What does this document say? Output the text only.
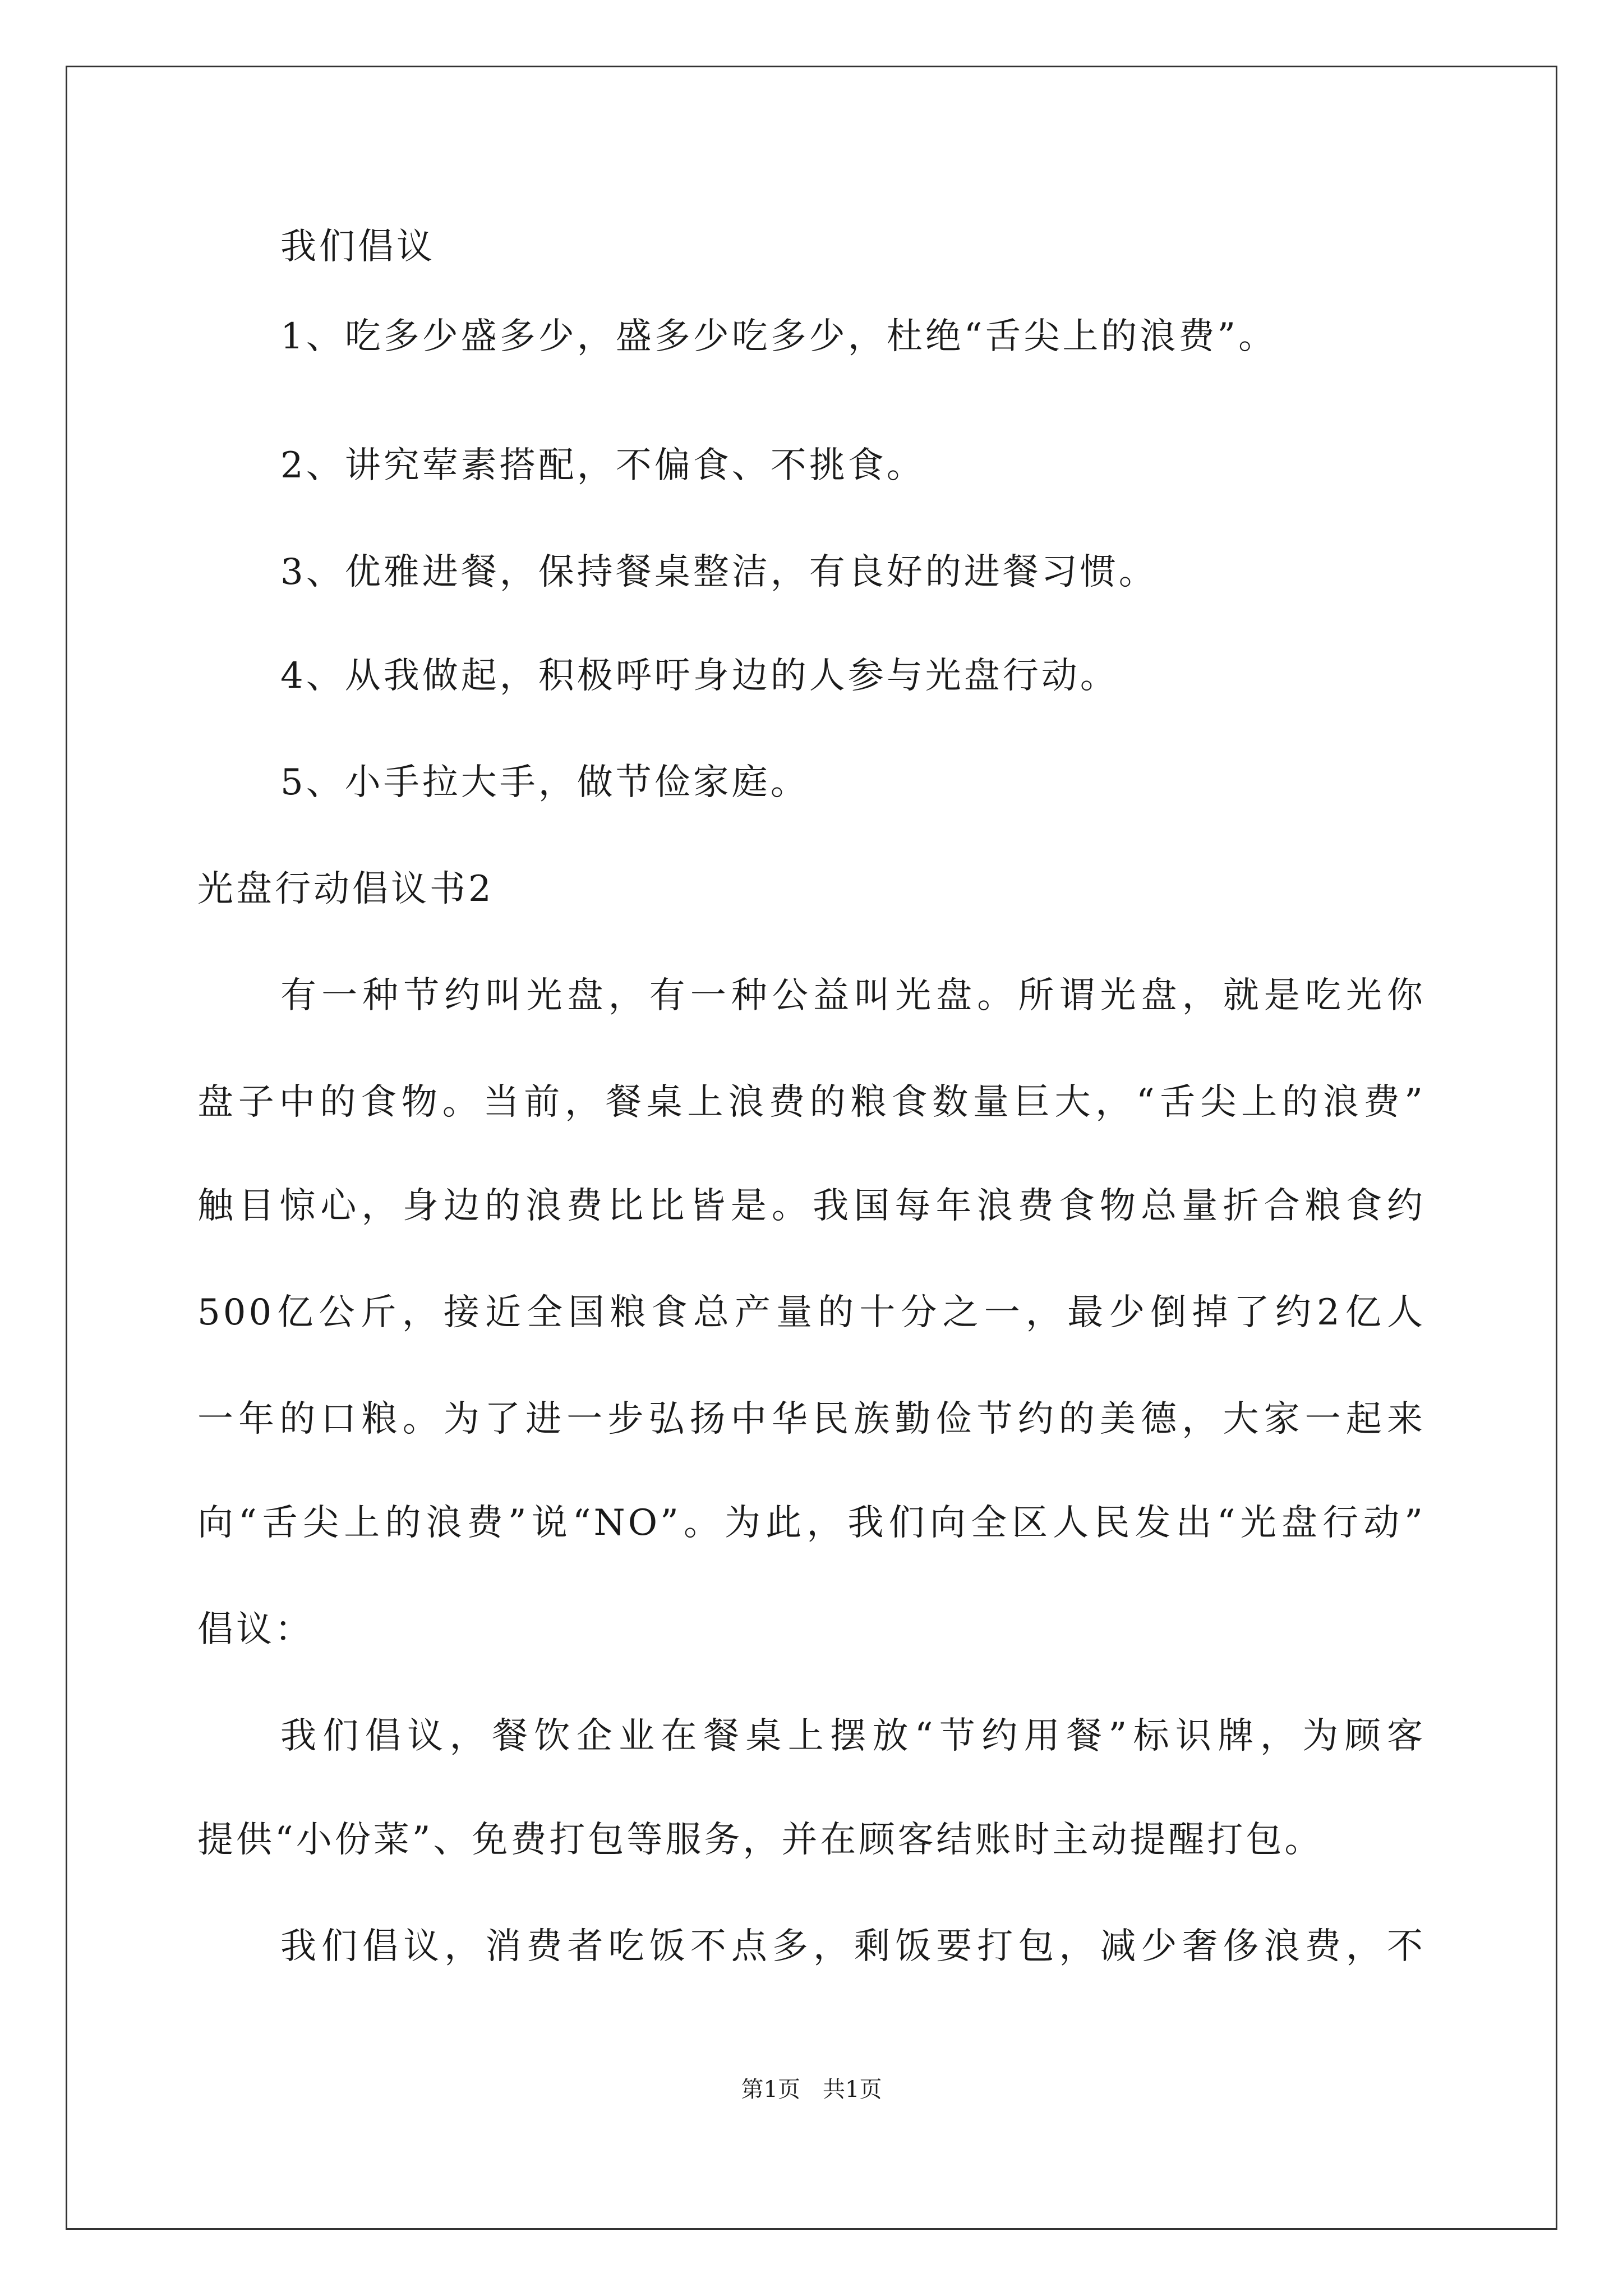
我们倡议
1、吃多少盛多少，盛多少吃多少，杜绝“舌尖上的浪费”。
2、讲究荤素搭配，不偏食、不挑食。
3、优雅进餐，保持餐桌整洁，有良好的进餐习惯。
4、从我做起，积极呼吁身边的人参与光盘行动。
5、小手拉大手，做节俭家庭。
光盘行动倡议书2
有一种节约叫光盘，有一种公益叫光盘。所谓光盘，就是吃光你
盘子中的食物。当前，餐桌上浪费的粮食数量巨大，“舌尖上的浪费”
触目惊心，身边的浪费比比皆是。我国每年浪费食物总量折合粮食约
500亿公斤，接近全国粮食总产量的十分之一，最少倒掉了约2亿人
一年的口粮。为了进一步弘扬中华民族勤俭节约的美德，大家一起来
向“舌尖上的浪费”说“NO”。为此，我们向全区人民发出“光盘行动”
倡议：
我们倡议，餐饮企业在餐桌上摆放“节约用餐”标识牌，为顾客
提供“小份菜”、免费打包等服务，并在顾客结账时主动提醒打包。
我们倡议，消费者吃饭不点多，剩饭要打包，减少奢侈浪费，不
第1页　共1页
